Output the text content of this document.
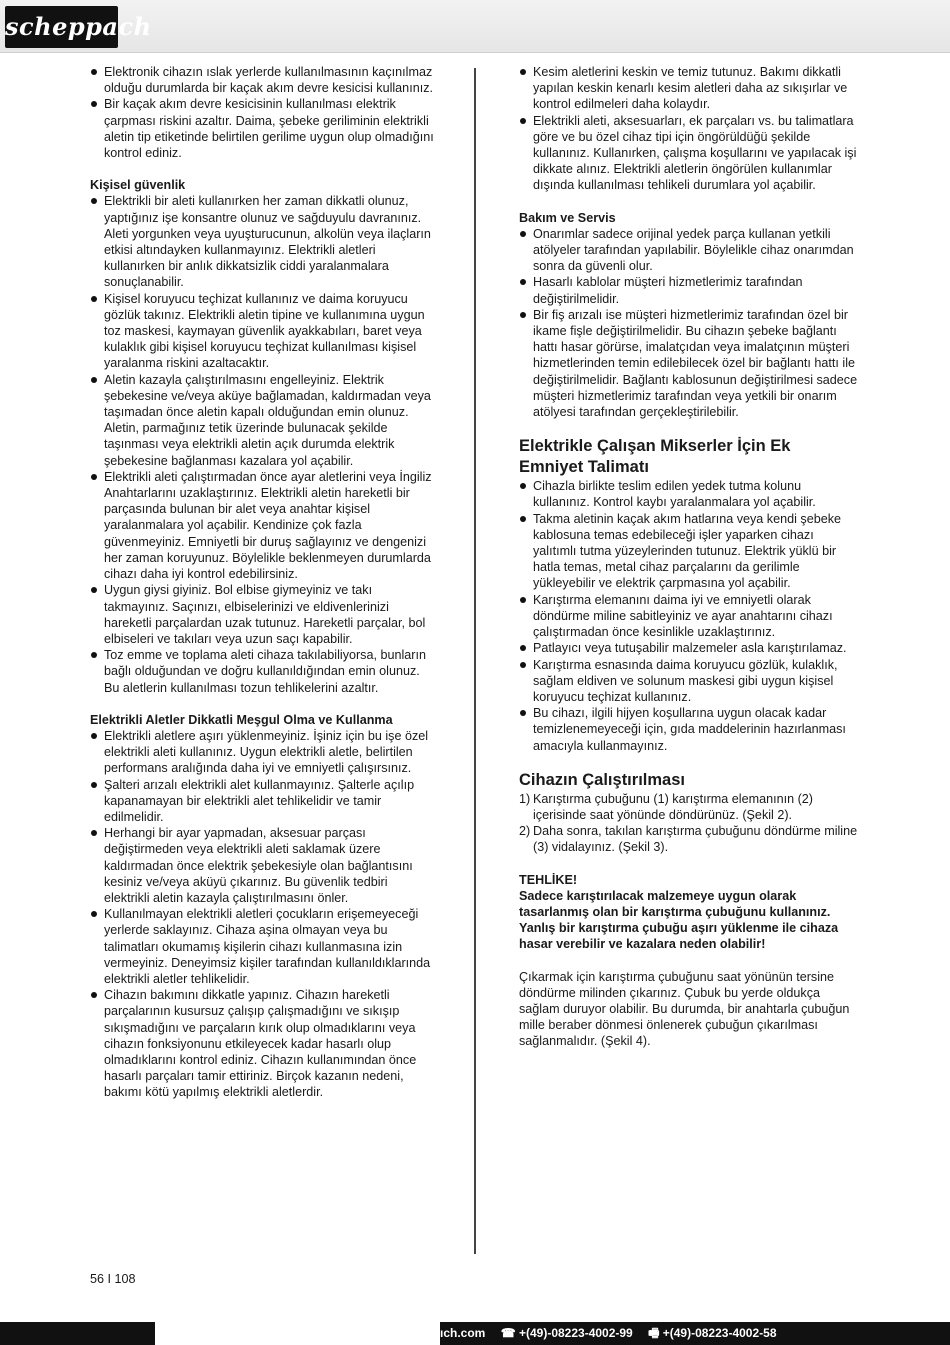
scheppach
Elektronik cihazın ıslak yerlerde kullanılmasının kaçınılmaz olduğu durumlarda bir kaçak akım devre kesicisi kullanınız.
Bir kaçak akım devre kesicisinin kullanılması elektrik çarpması riskini azaltır. Daima, şebeke geriliminin elektrikli aletin tip etiketinde belirtilen gerilime uygun olup olmadığını kontrol ediniz.

Kişisel güvenlik

Elektrikli bir aleti kullanırken her zaman dikkatli olunuz, yaptığınız işe konsantre olunuz ve sağduyulu davranınız. Aleti yorgunken veya uyuşturucunun, alkolün veya ilaçların etkisi altındayken kullanmayınız. Elektrikli aletleri kullanırken bir anlık dikkatsizlik ciddi yaralanmalara sonuçlanabilir.
Kişisel koruyucu teçhizat kullanınız ve daima koruyucu gözlük takınız. Elektrikli aletin tipine ve kullanımına uygun toz maskesi, kaymayan güvenlik ayakkabıları, baret veya kulaklık gibi kişisel koruyucu teçhizat kullanılması kişisel yaralanma riskini azaltacaktır.
Aletin kazayla çalıştırılmasını engelleyiniz. Elektrik şebekesine ve/veya aküye bağlamadan, kaldırmadan veya taşımadan önce aletin kapalı olduğundan emin olunuz. Aletin, parmağınız tetik üzerinde bulunacak şekilde taşınması veya elektrikli aletin açık durumda elektrik şebekesine bağlanması kazalara yol açabilir.
Elektrikli aleti çalıştırmadan önce ayar aletlerini veya İngiliz Anahtarlarını uzaklaştırınız. Elektrikli aletin hareketli bir parçasında bulunan bir alet veya anahtar kişisel yaralanmalara yol açabilir. Kendinize çok fazla güvenmeyiniz. Emniyetli bir duruş sağlayınız ve dengenizi her zaman koruyunuz. Böylelikle beklenmeyen durumlarda cihazı daha iyi kontrol edebilirsiniz.
Uygun giysi giyiniz. Bol elbise giymeyiniz ve takı takmayınız. Saçınızı, elbiselerinizi ve eldivenlerinizi hareketli parçalardan uzak tutunuz. Hareketli parçalar, bol elbiseleri ve takıları veya uzun saçı kapabilir.
Toz emme ve toplama aleti cihaza takılabiliyorsa, bunların bağlı olduğundan ve doğru kullanıldığından emin olunuz. Bu aletlerin kullanılması tozun tehlikelerini azaltır.

Elektrikli Aletler Dikkatli Meşgul Olma ve Kullanma

Elektrikli aletlere aşırı yüklenmeyiniz. İşiniz için bu işe özel elektrikli aleti kullanınız. Uygun elektrikli aletle, belirtilen performans aralığında daha iyi ve emniyetli çalışırsınız.
Şalteri arızalı elektrikli alet kullanmayınız. Şalterle açılıp kapanamayan bir elektrikli alet tehlikelidir ve tamir edilmelidir.
Herhangi bir ayar yapmadan, aksesuar parçası değiştirmeden veya elektrikli aleti saklamak üzere kaldırmadan önce elektrik şebekesiyle olan bağlantısını kesiniz ve/veya aküyü çıkarınız. Bu güvenlik tedbiri elektrikli aletin kazayla çalıştırılmasını önler.
Kullanılmayan elektrikli aletleri çocukların erişemeyeceği yerlerde saklayınız. Cihaza aşina olmayan veya bu talimatları okumamış kişilerin cihazı kullanmasına izin vermeyiniz. Deneyimsiz kişiler tarafından kullanıldıklarında elektrikli aletler tehlikelidir.
Cihazın bakımını dikkatle yapınız. Cihazın hareketli parçalarının kusursuz çalışıp çalışmadığını ve sıkışıp sıkışmadığını ve parçaların kırık olup olmadıklarını veya cihazın fonksiyonunu etkileyecek kadar hasarlı olup olmadıklarını kontrol ediniz. Cihazın kullanımından önce hasarlı parçaları tamir ettiriniz. Birçok kazanın nedeni, bakımı kötü yapılmış elektrikli aletlerdir.
Kesim aletlerini keskin ve temiz tutunuz. Bakımı dikkatli yapılan keskin kenarlı kesim aletleri daha az sıkışırlar ve kontrol edilmeleri daha kolaydır.
Elektrikli aleti, aksesuarları, ek parçaları vs. bu talimatlara göre ve bu özel cihaz tipi için öngörüldüğü şekilde kullanınız. Kullanırken, çalışma koşullarını ve yapılacak işi dikkate alınız. Elektrikli aletlerin öngörülen kullanımlar dışında kullanılması tehlikeli durumlara yol açabilir.

Bakım ve Servis

Onarımlar sadece orijinal yedek parça kullanan yetkili atölyeler tarafından yapılabilir. Böylelikle cihaz onarımdan sonra da güvenli olur.
Hasarlı kablolar müşteri hizmetlerimiz tarafından değiştirilmelidir.
Bir fiş arızalı ise müşteri hizmetlerimiz tarafından özel bir ikame fişle değiştirilmelidir. Bu cihazın şebeke bağlantı hattı hasar görürse, imalatçıdan veya imalatçının müşteri hizmetlerinden temin edilebilecek özel bir bağlantı hattı ile değiştirilmelidir. Bağlantı kablosunun değiştirilmesi sadece müşteri hizmetlerimiz tarafından veya yetkili bir onarım atölyesi tarafından gerçekleştirilebilir.
Elektrikle Çalışan Mikserler İçin Ek Emniyet Talimatı
Cihazla birlikte teslim edilen yedek tutma kolunu kullanınız. Kontrol kaybı yaralanmalara yol açabilir.
Takma aletinin kaçak akım hatlarına veya kendi şebeke kablosuna temas edebileceği işler yaparken cihazı yalıtımlı tutma yüzeylerinden tutunuz. Elektrik yüklü bir hatla temas, metal cihaz parçalarını da gerilimle yükleyebilir ve elektrik çarpmasına yol açabilir.
Karıştırma elemanını daima iyi ve emniyetli olarak döndürme miline sabitleyiniz ve ayar anahtarını cihazı çalıştırmadan önce kesinlikle uzaklaştırınız.
Patlayıcı veya tutuşabilir malzemeler asla karıştırılamaz.
Karıştırma esnasında daima koruyucu gözlük, kulaklık, sağlam eldiven ve solunum maskesi gibi uygun kişisel koruyucu teçhizat kullanınız.
Bu cihazı, ilgili hijyen koşullarına uygun olacak kadar temizlenemeyeceği için, gıda maddelerinin hazırlanması amacıyla kullanmayınız.
Cihazın Çalıştırılması
1) Karıştırma çubuğunu (1) karıştırma elemanının (2) içerisinde saat yönünde döndürünüz. (Şekil 2).
2) Daha sonra, takılan karıştırma çubuğunu döndürme miline (3) vidalayınız. (Şekil 3).

TEHLİKE!

Sadece karıştırılacak malzemeye uygun olarak tasarlanmış olan bir karıştırma çubuğunu kullanınız. Yanlış bir karıştırma çubuğu aşırı yüklenme ile cihaza hasar verebilir ve kazalara neden olabilir!

Çıkarmak için karıştırma çubuğunu saat yönünün tersine döndürme milinden çıkarınız. Çubuk bu yerde oldukça sağlam duruyor olabilir. Bu durumda, bir anahtarla çubuğun mille beraber dönmesi önlenerek çubuğun çıkarılması sağlanmalıdır. (Şekil 4).

56 I 108
ıch.com ☎ +(49)-08223-4002-99 🖷 +(49)-08223-4002-58
